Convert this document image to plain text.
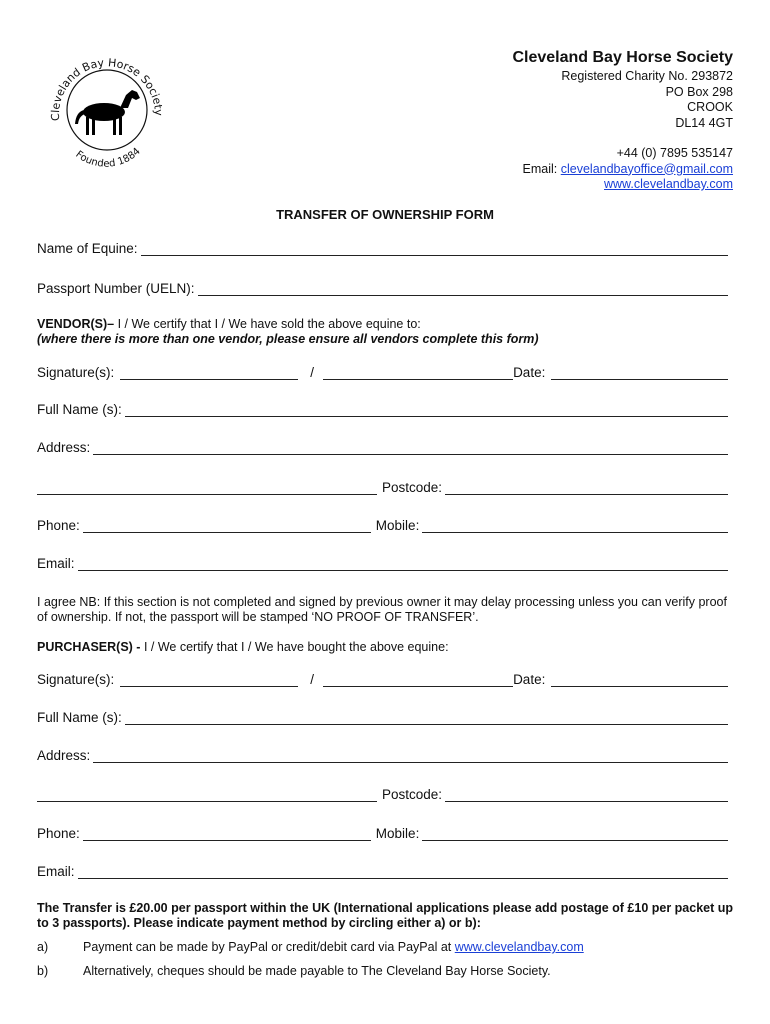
Cleveland Bay Horse Society
Founded 1884
Cleveland Bay Horse Society
Registered Charity No. 293872
PO Box 298
CROOK
DL14 4GT
+44 (0) 7895 535147
Email: clevelandbayoffice@gmail.com
www.clevelandbay.com
TRANSFER OF OWNERSHIP FORM
Name of Equine:
Passport Number (UELN):
VENDOR(S)– I / We certify that I / We have sold the above equine to:
(where there is more than one vendor, please ensure all vendors complete this form)
Signature(s):	/	Date:
Full Name (s):
Address:
Postcode:
Phone:	Mobile:
Email:
I agree NB: If this section is not completed and signed by previous owner it may delay processing unless you can verify proof of ownership. If not, the passport will be stamped ‘NO PROOF OF TRANSFER’.
PURCHASER(S) - I / We certify that I / We have bought the above equine:
Signature(s):	/	Date:
Full Name (s):
Address:
Postcode:
Phone:	Mobile:
Email:
The Transfer is £20.00 per passport within the UK (International applications please add postage of £10 per packet up to 3 passports). Please indicate payment method by circling either a) or b):
a)	Payment can be made by PayPal or credit/debit card via PayPal at www.clevelandbay.com
b)	Alternatively, cheques should be made payable to The Cleveland Bay Horse Society.
